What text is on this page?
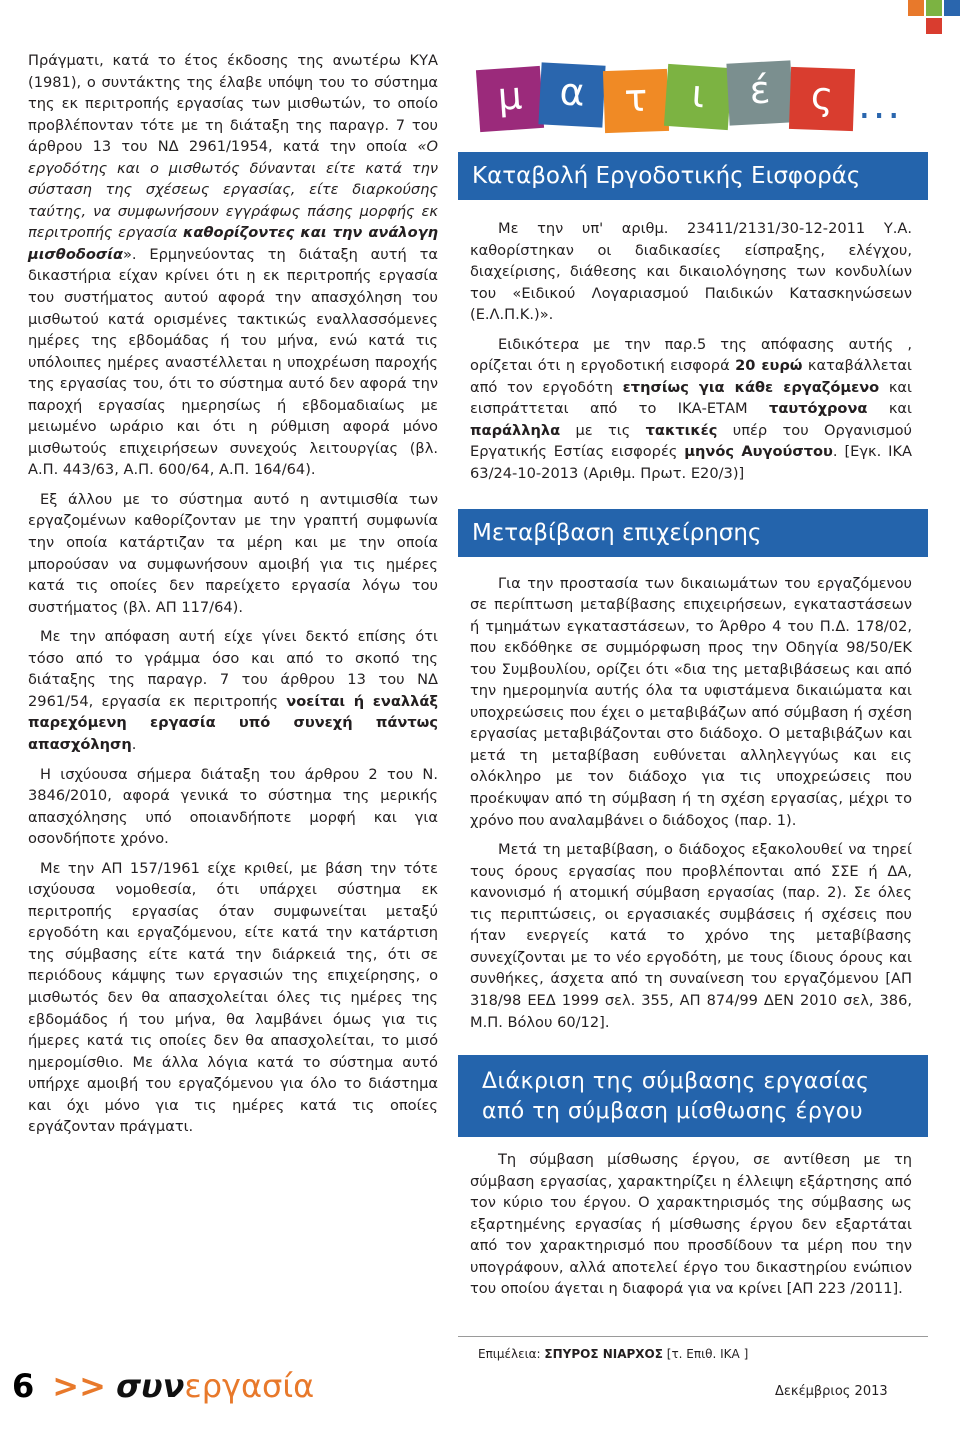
Πράγματι, κατά το έτος έκδοσης της ανωτέρω ΚΥΑ (1981), ο συντάκτης της έλαβε υπόψη του το σύστημα της εκ περιτροπής εργασίας των μισθωτών, το οποίο προβλέπονταν τότε με τη διάταξη της παραγρ. 7 του άρθρου 13 του ΝΔ 2961/1954, κατά την οποία «Ο εργοδότης και ο μισθωτός δύνανται είτε κατά την σύσταση της σχέσεως εργασίας, είτε διαρκούσης ταύτης, να συμφωνήσουν εγγράφως πάσης μορφής εκ περιτροπής εργασία καθορίζοντες και την ανάλογη μισθοδοσία». Ερμηνεύοντας τη διάταξη αυτή τα δικαστήρια είχαν κρίνει ότι η εκ περιτροπής εργασία του συστήματος αυτού αφορά την απασχόληση του μισθωτού κατά ορισμένες τακτικώς εναλλασσόμενες ημέρες της εβδομάδας ή του μήνα, ενώ κατά τις υπόλοιπες ημέρες αναστέλλεται η υποχρέωση παροχής της εργασίας του, ότι το σύστημα αυτό δεν αφορά την παροχή εργασίας ημερησίως ή εβδομαδιαίως με μειωμένο ωράριο και ότι η ρύθμιση αφορά μόνο μισθωτούς επιχειρήσεων συνεχούς λειτουργίας (βλ. Α.Π. 443/63, Α.Π. 600/64, Α.Π. 164/64).

Εξ άλλου με το σύστημα αυτό η αντιμισθία των εργαζομένων καθορίζονταν με την γραπτή συμφωνία την οποία κατάρτιζαν τα μέρη και με την οποία μπορούσαν να συμφωνήσουν αμοιβή για τις ημέρες κατά τις οποίες δεν παρείχετο εργασία λόγω του συστήματος (βλ. ΑΠ 117/64).

Με την απόφαση αυτή είχε γίνει δεκτό επίσης ότι τόσο από το γράμμα όσο και από το σκοπό της διάταξης της παραγρ. 7 του άρθρου 13 του ΝΔ 2961/54, εργασία εκ περιτροπής νοείται ή εναλλάξ παρεχόμενη εργασία υπό συνεχή πάντως απασχόληση.

Η ισχύουσα σήμερα διάταξη του άρθρου 2 του Ν. 3846/2010, αφορά γενικά το σύστημα της μερικής απασχόλησης υπό οποιανδήποτε μορφή και για οσονδήποτε χρόνο.

Με την ΑΠ 157/1961 είχε κριθεί, με βάση την τότε ισχύουσα νομοθεσία, ότι υπάρχει σύστημα εκ περιτροπής εργασίας όταν συμφωνείται μεταξύ εργοδότη και εργαζόμενου, είτε κατά την κατάρτιση της σύμβασης είτε κατά την διάρκειά της, ότι σε περιόδους κάμψης των εργασιών της επιχείρησης, ο μισθωτός δεν θα απασχολείται όλες τις ημέρες της εβδομάδος ή του μήνα, θα λαμβάνει όμως για τις ήμερες κατά τις οποίες δεν θα απασχολείται, το μισό ημερομίσθιο. Με άλλα λόγια κατά το σύστημα αυτό υπήρχε αμοιβή του εργαζόμενου για όλο το διάστημα και όχι μόνο για τις ημέρες κατά τις οποίες εργάζονταν πράγματι.

μ α τ	ι	έ	ς ...
Καταβολή Εργοδοτικής Εισφοράς

Με την υπ' αριθμ. 23411/2131/30-12-2011 Υ.Α. καθορίστηκαν οι διαδικασίες είσπραξης, ελέγχου, διαχείρισης, διάθεσης και δικαιολόγησης των κονδυλίων του «Ειδικού Λογαριασμού Παιδικών Κατασκηνώσεων (Ε.Λ.Π.Κ.)».

Ειδικότερα με την παρ.5 της απόφασης αυτής , ορίζεται ότι η εργοδοτική εισφορά 20 ευρώ καταβάλλεται από τον εργοδότη ετησίως για κάθε εργαζόμενο και εισπράττεται από το ΙΚΑ-ΕΤΑΜ ταυτόχρονα και παράλληλα με τις τακτικές υπέρ του Οργανισμού Εργατικής Εστίας εισφορές μηνός Αυγούστου. [Εγκ. ΙΚΑ 63/24-10-2013 (Αριθμ. Πρωτ. Ε20/3)]

Μεταβίβαση επιχείρησης

Για την προστασία των δικαιωμάτων του εργαζόμενου σε περίπτωση μεταβίβασης επιχειρήσεων, εγκαταστάσεων ή τμημάτων εγκαταστάσεων, το Άρθρο 4 του Π.Δ. 178/02, που εκδόθηκε σε συμμόρφωση προς την Οδηγία 98/50/ΕΚ του Συμβουλίου, ορίζει ότι «δια της μεταβιβάσεως και από την ημερομηνία αυτής όλα τα υφιστάμενα δικαιώματα και υποχρεώσεις που έχει ο μεταβιβάζων από σύμβαση ή σχέση εργασίας μεταβιβάζονται στο διάδοχο. Ο μεταβιβάζων και μετά τη μεταβίβαση ευθύνεται αλληλεγγύως και εις ολόκληρο με τον διάδοχο για τις υποχρεώσεις που προέκυψαν από τη σύμβαση ή τη σχέση εργασίας, μέχρι το χρόνο που αναλαμβάνει ο διάδοχος (παρ. 1).

Μετά τη μεταβίβαση, ο διάδοχος εξακολουθεί να τηρεί τους όρους εργασίας που προβλέπονται από ΣΣΕ ή ΔΑ, κανονισμό ή ατομική σύμβαση εργασίας (παρ. 2). Σε όλες τις περιπτώσεις, οι εργασιακές συμβάσεις ή σχέσεις που ήταν ενεργείς κατά το χρόνο της μεταβίβασης συνεχίζονται με το νέο εργοδότη, με τους ίδιους όρους και συνθήκες, άσχετα από τη συναίνεση του εργαζόμενου [ΑΠ 318/98 ΕΕΔ 1999 σελ. 355, ΑΠ 874/99 ΔΕΝ 2010 σελ, 386, Μ.Π. Βόλου 60/12].

Διάκριση της σύμβασης εργασίας
από τη σύμβαση μίσθωσης έργου

Τη σύμβαση μίσθωσης έργου, σε αντίθεση με τη σύμβαση εργασίας, χαρακτηρίζει η έλλειψη εξάρτησης από τον κύριο του έργου. Ο χαρακτηρισμός της σύμβασης ως εξαρτημένης εργασίας ή μίσθωσης έργου δεν εξαρτάται από τον χαρακτηρισμό που προσδίδουν τα μέρη που την υπογράφουν, αλλά αποτελεί έργο του δικαστηρίου ενώπιον του οποίου άγεται η διαφορά για να κρίνει [ΑΠ 223 /2011].

Επιμέλεια: ΣΠΥΡΟΣ ΝΙΑΡΧΟΣ [τ. Επιθ. ΙΚΑ ]
6 >> συνεργασία	Δεκέμβριος 2013
